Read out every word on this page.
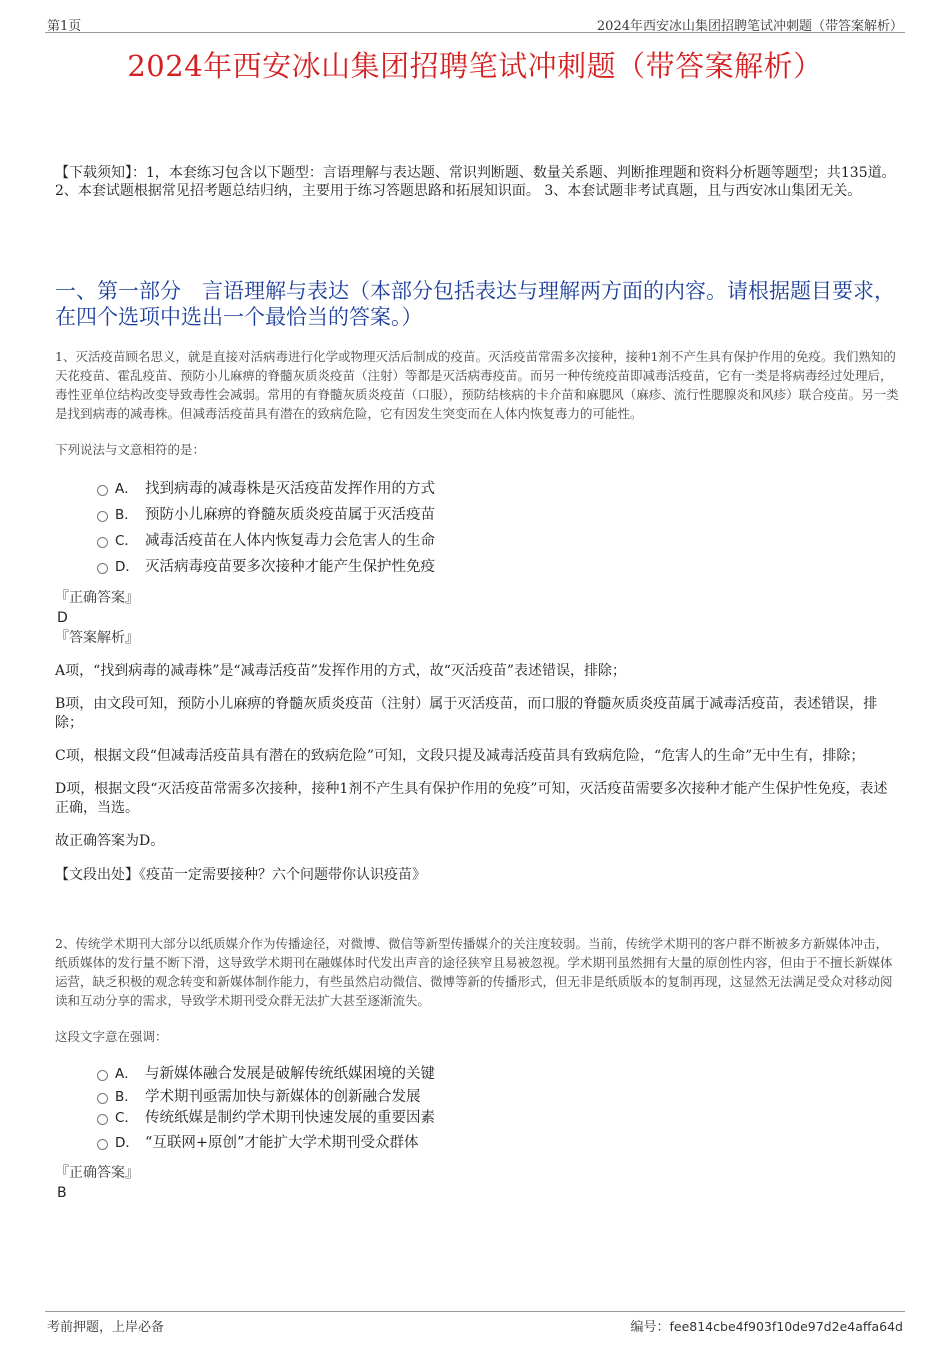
第1页	2024年西安冰山集团招聘笔试冲刺题（带答案解析）
2024年西安冰山集团招聘笔试冲刺题（带答案解析）

【下载须知】：1，本套练习包含以下题型：言语理解与表达题、常识判断题、数量关系题、判断推理题和资料分析题等题型；共135道。 2、本套试题根据常见招考题总结归纳，主要用于练习答题思路和拓展知识面。 3、本套试题非考试真题，且与西安冰山集团无关。

一、第一部分　言语理解与表达（本部分包括表达与理解两方面的内容。请根据题目要求，在四个选项中选出一个最恰当的答案。）

1、灭活疫苗顾名思义，就是直接对活病毒进行化学或物理灭活后制成的疫苗。灭活疫苗常需多次接种，接种1剂不产生具有保护作用的免疫。我们熟知的天花疫苗、霍乱疫苗、预防小儿麻痹的脊髓灰质炎疫苗（注射）等都是灭活病毒疫苗。而另一种传统疫苗即减毒活疫苗，它有一类是将病毒经过处理后，毒性亚单位结构改变导致毒性会减弱。常用的有脊髓灰质炎疫苗（口服），预防结核病的卡介苗和麻腮风（麻疹、流行性腮腺炎和风疹）联合疫苗。另一类是找到病毒的减毒株。但减毒活疫苗具有潜在的致病危险，它有因发生突变而在人体内恢复毒力的可能性。

下列说法与文意相符的是：

A． 找到病毒的减毒株是灭活疫苗发挥作用的方式
B． 预防小儿麻痹的脊髓灰质炎疫苗属于灭活疫苗
C． 减毒活疫苗在人体内恢复毒力会危害人的生命
D． 灭活病毒疫苗要多次接种才能产生保护性免疫

『正确答案』

D

『答案解析』

A项，“找到病毒的减毒株”是“减毒活疫苗”发挥作用的方式，故“灭活疫苗”表述错误，排除；

B项，由文段可知，预防小儿麻痹的脊髓灰质炎疫苗（注射）属于灭活疫苗，而口服的脊髓灰质炎疫苗属于减毒活疫苗，表述错误，排除；

C项，根据文段“但减毒活疫苗具有潜在的致病危险”可知，文段只提及减毒活疫苗具有致病危险，“危害人的生命”无中生有，排除；

D项，根据文段“灭活疫苗常需多次接种，接种1剂不产生具有保护作用的免疫”可知，灭活疫苗需要多次接种才能产生保护性免疫，表述正确，当选。

故正确答案为D。

【文段出处】《疫苗一定需要接种？六个问题带你认识疫苗》

2、传统学术期刊大部分以纸质媒介作为传播途径，对微博、微信等新型传播媒介的关注度较弱。当前，传统学术期刊的客户群不断被多方新媒体冲击，纸质媒体的发行量不断下滑，这导致学术期刊在融媒体时代发出声音的途径狭窄且易被忽视。学术期刊虽然拥有大量的原创性内容，但由于不擅长新媒体运营，缺乏积极的观念转变和新媒体制作能力，有些虽然启动微信、微博等新的传播形式，但无非是纸质版本的复制再现，这显然无法满足受众对移动阅读和互动分享的需求，导致学术期刊受众群无法扩大甚至逐渐流失。

这段文字意在强调：

A． 与新媒体融合发展是破解传统纸媒困境的关键
B． 学术期刊亟需加快与新媒体的创新融合发展
C． 传统纸媒是制约学术期刊快速发展的重要因素
D． “互联网+原创”才能扩大学术期刊受众群体

『正确答案』

B

考前押题，上岸必备	编号：fee814cbe4f903f10de97d2e4affa64d
